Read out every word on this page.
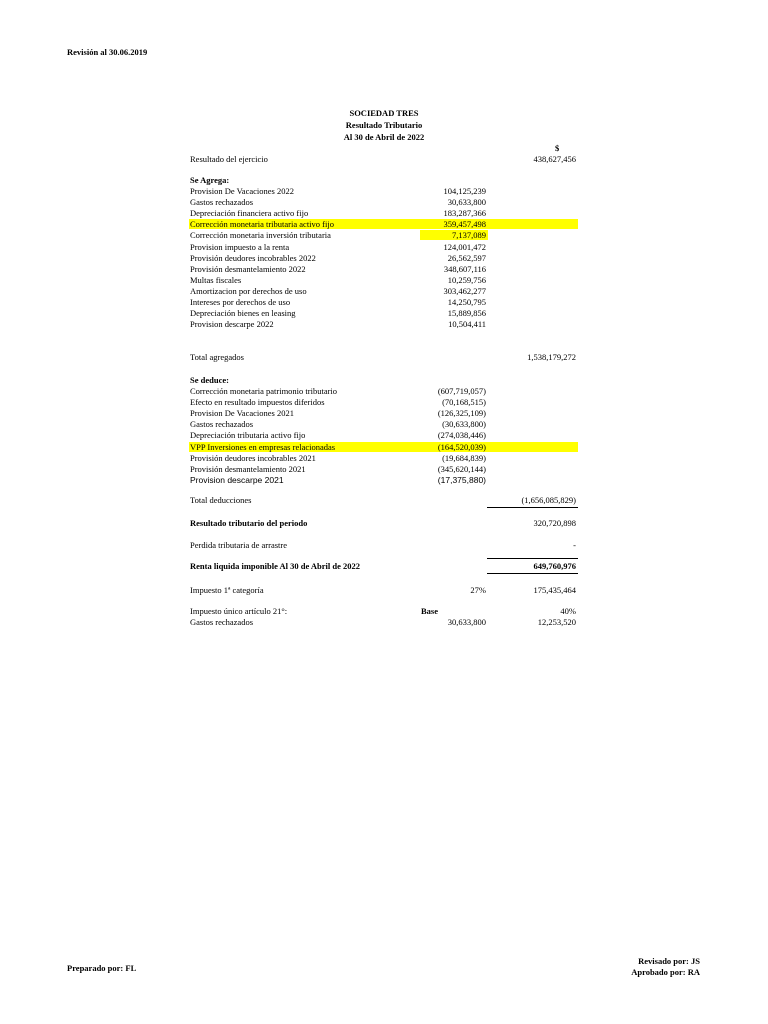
Revisión al 30.06.2019
SOCIEDAD TRES
Resultado Tributario
Al 30 de Abril de 2022
$
Resultado del ejercicio	438,627,456
Se Agrega:
Provision De Vacaciones 2022	104,125,239
Gastos rechazados	30,633,800
Depreciación financiera activo fijo	183,287,366
Corrección monetaria tributaria activo fijo	359,457,498
Corrección monetaria inversión tributaria	7,137,089
Provision impuesto a la renta	124,001,472
Provisión deudores incobrables 2022	26,562,597
Provisión desmantelamiento 2022	348,607,116
Multas fiscales	10,259,756
Amortizacion por derechos de uso	303,462,277
Intereses por derechos de uso	14,250,795
Depreciación bienes en leasing	15,889,856
Provision descarpe 2022	10,504,411
Total agregados	1,538,179,272
Se deduce:
Corrección monetaria patrimonio tributario	(607,719,057)
Efecto en resultado impuestos diferidos	(70,168,515)
Provision De Vacaciones 2021	(126,325,109)
Gastos rechazados	(30,633,800)
Depreciación tributaria activo fijo	(274,038,446)
VPP Inversiones en empresas relacionadas	(164,520,039)
Provisión deudores incobrables 2021	(19,684,839)
Provisión desmantelamiento 2021	(345,620,144)
Provision descarpe 2021	(17,375,880)
Total deducciones	(1,656,085,829)
Resultado tributario del periodo	320,720,898
Perdida tributaria de arrastre	-
Renta liquida imponible Al 30 de Abril de 2022	649,760,976
Impuesto 1ª categoría	27%	175,435,464
Impuesto único artículo 21°:	Base	40%
Gastos rechazados	30,633,800	12,253,520
Preparado por: FL
Revisado por: JS
Aprobado por: RA
